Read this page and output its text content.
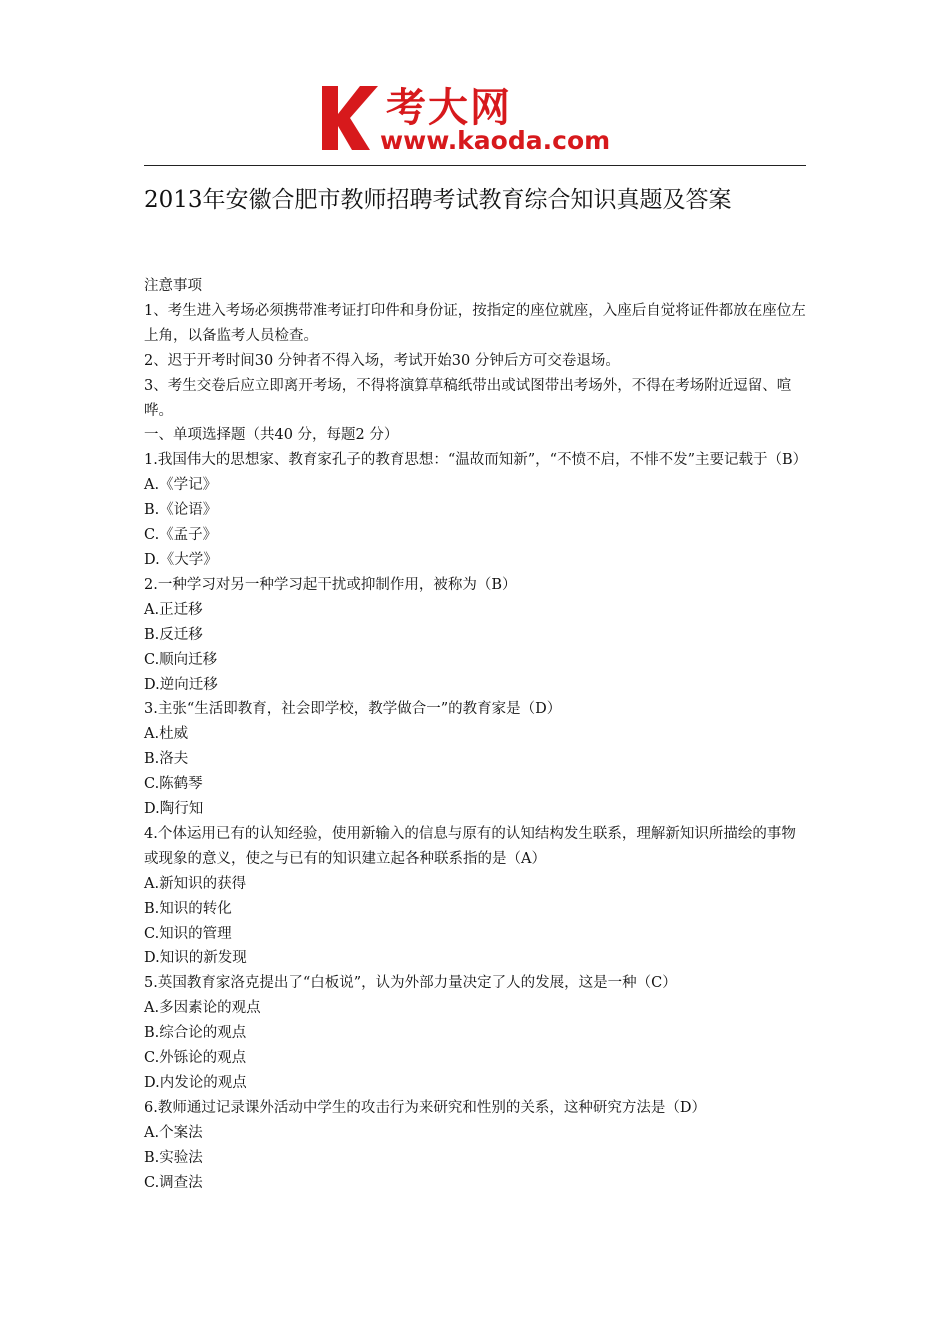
考大网
www.kaoda.com
2013年安徽合肥市教师招聘考试教育综合知识真题及答案

注意事项

1、考生进入考场必须携带准考证打印件和身份证，按指定的座位就座，入座后自觉将证件都放在座位左上角，以备监考人员检查。

2、迟于开考时间30 分钟者不得入场，考试开始30 分钟后方可交卷退场。

3、考生交卷后应立即离开考场，不得将演算草稿纸带出或试图带出考场外，不得在考场附近逗留、喧哗。

一、单项选择题（共40 分，每题2 分）

1.我国伟大的思想家、教育家孔子的教育思想：“温故而知新”，“不愤不启，不悱不发”主要记载于（B）

A.《学记》

B.《论语》

C.《孟子》

D.《大学》

2.一种学习对另一种学习起干扰或抑制作用，被称为（B）

A.正迁移

B.反迁移

C.顺向迁移

D.逆向迁移

3.主张“生活即教育，社会即学校，教学做合一”的教育家是（D）

A.杜威

B.洛夫

C.陈鹤琴

D.陶行知

4.个体运用已有的认知经验，使用新输入的信息与原有的认知结构发生联系，理解新知识所描绘的事物或现象的意义，使之与已有的知识建立起各种联系指的是（A）

A.新知识的获得

B.知识的转化

C.知识的管理

D.知识的新发现

5.英国教育家洛克提出了“白板说”，认为外部力量决定了人的发展，这是一种（C）

A.多因素论的观点

B.综合论的观点

C.外铄论的观点

D.内发论的观点

6.教师通过记录课外活动中学生的攻击行为来研究和性别的关系，这种研究方法是（D）

A.个案法

B.实验法

C.调查法
